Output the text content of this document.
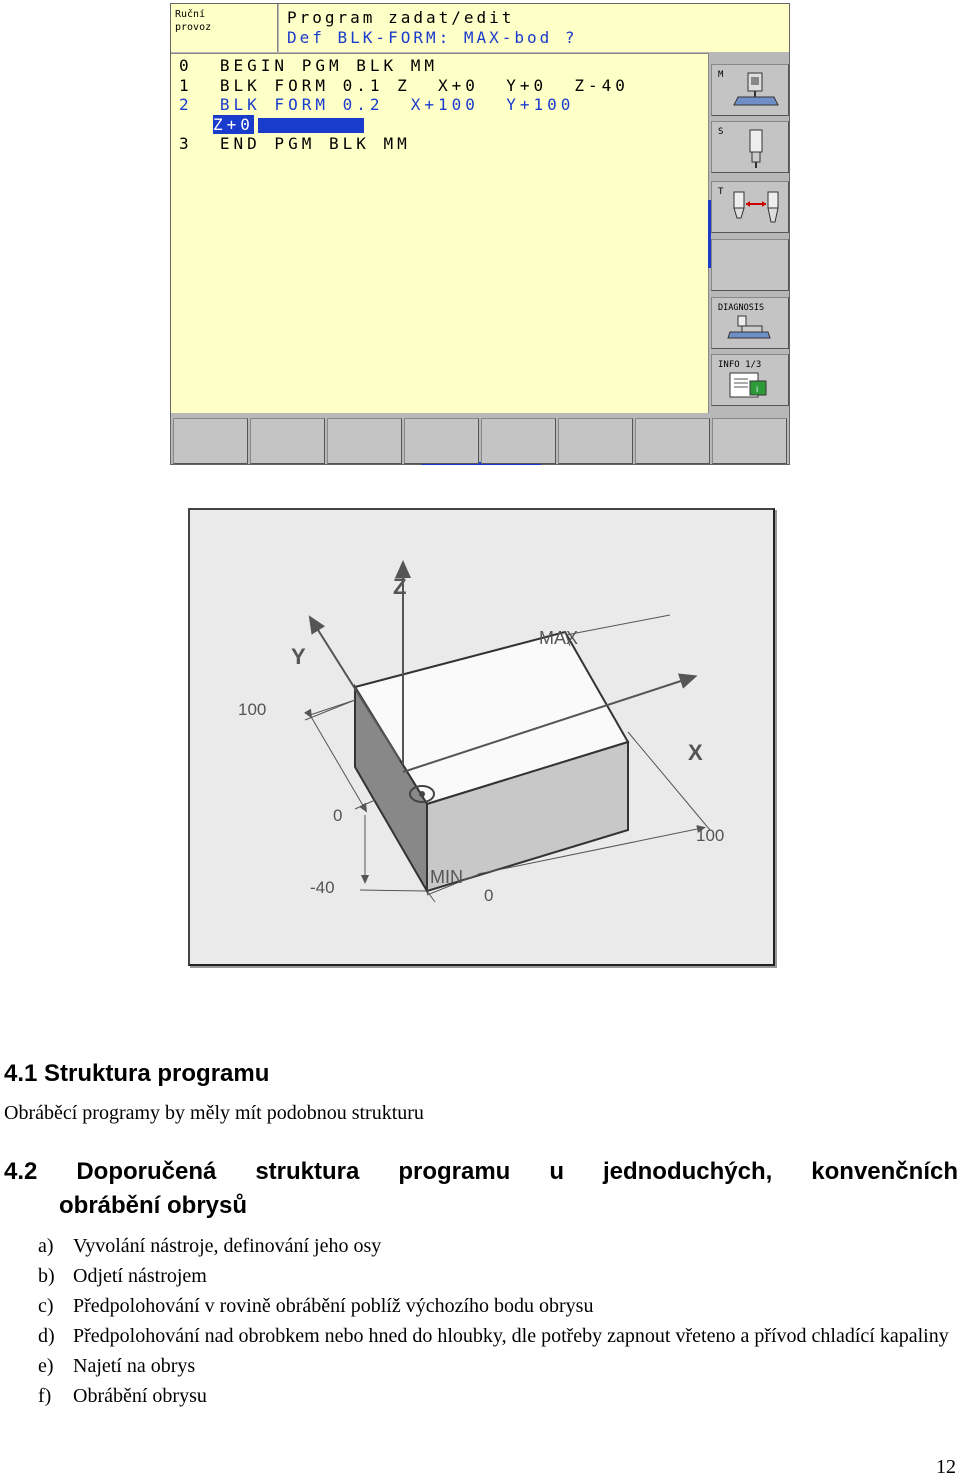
Ruční
provoz
Program zadat/edit
Def BLK-FORM: MAX-bod ?
0  BEGIN PGM BLK MM
1  BLK FORM 0.1 Z  X+0  Y+0  Z-40
2  BLK FORM 0.2  X+100  Y+100
Z+0
3  END PGM BLK MM
M
S
T
DIAGNOSIS
INFO 1/3
i
Z
Y
X
MAX
MIN
100
0
-40
100
0
4.1 Struktura programu
Obráběcí programy by měly mít podobnou strukturu
4.2 Doporučená struktura programu u jednoduchých, konvenčních
obrábění obrysů
a) Vyvolání nástroje, definování jeho osy
b) Odjetí nástrojem
c) Předpolohování v rovině obrábění poblíž výchozího bodu obrysu
d) Předpolohování nad obrobkem nebo hned do hloubky, dle potřeby zapnout vřeteno a přívod chladící kapaliny
e) Najetí na obrys
f)	Obrábění obrysu
12
